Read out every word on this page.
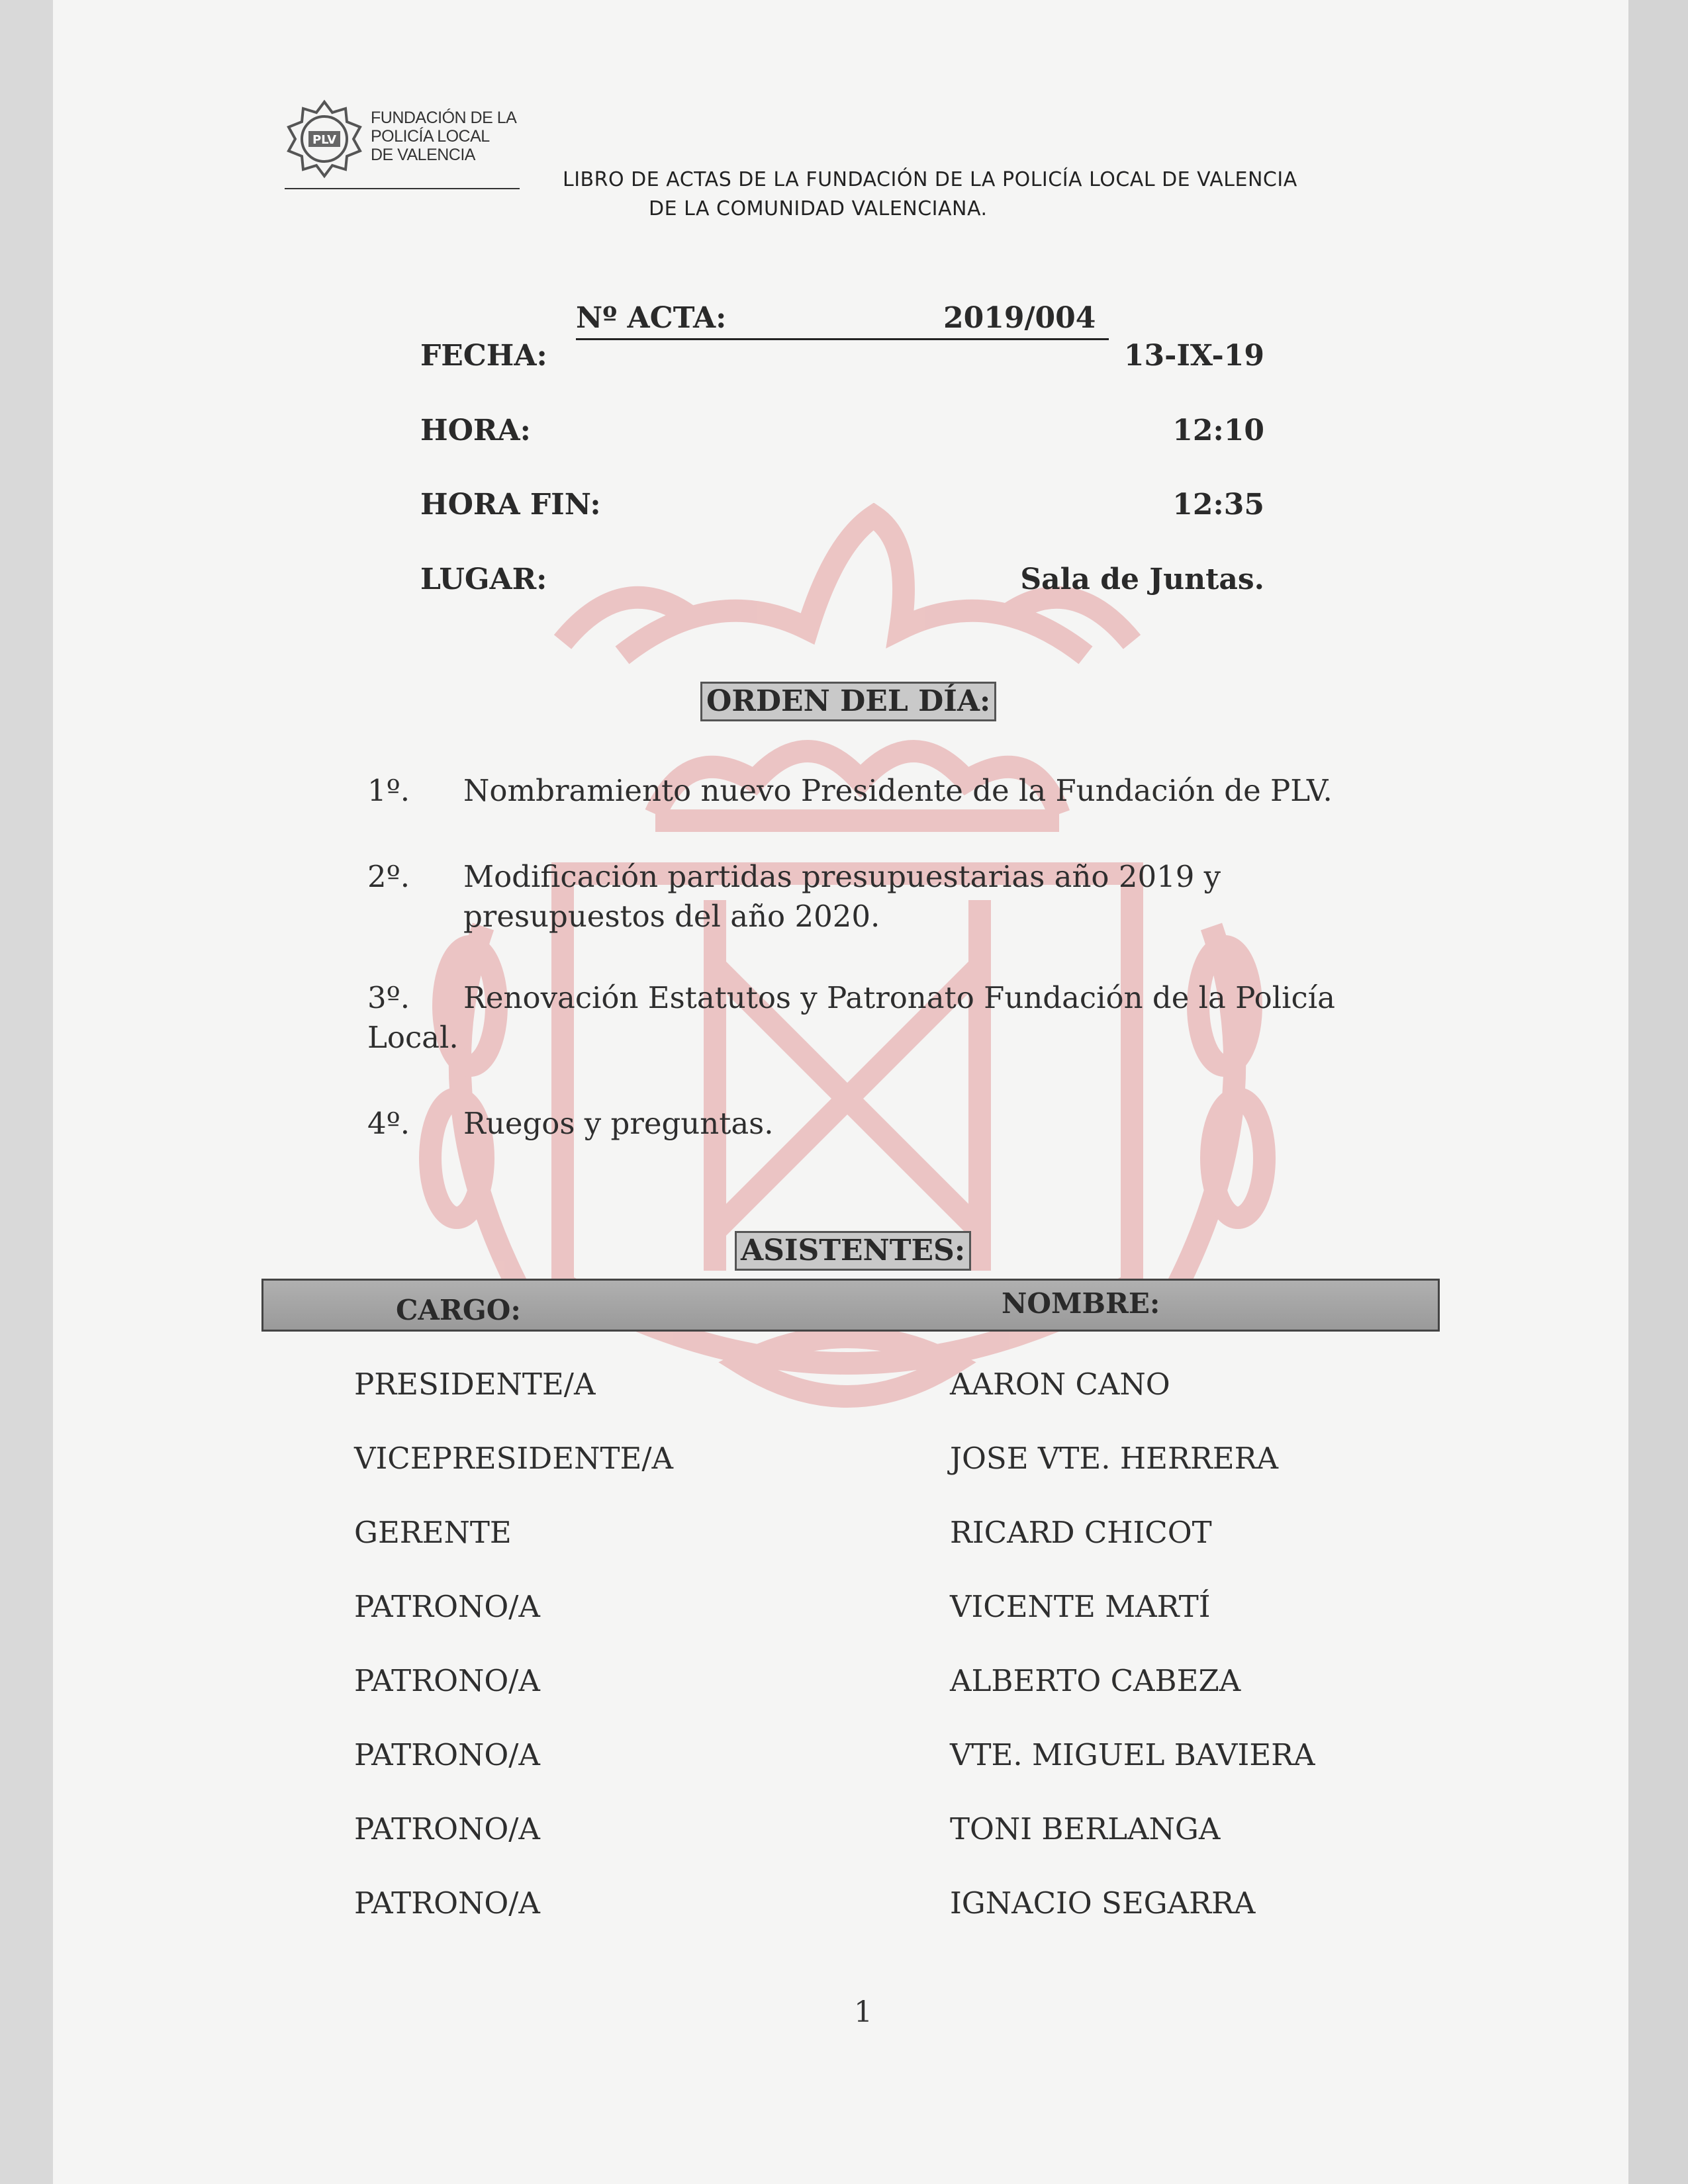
PLV
FUNDACIÓN DE LA
POLICÍA LOCAL
DE VALENCIA
LIBRO DE ACTAS DE LA FUNDACIÓN DE LA POLICÍA LOCAL DE VALENCIA
DE LA COMUNIDAD VALENCIANA.
Nº ACTA:	2019/004
FECHA:	13-IX-19
HORA:	12:10
HORA FIN:	12:35
LUGAR:	Sala de Juntas.
ORDEN DEL DÍA:
1º. Nombramiento nuevo Presidente de la Fundación de PLV.
2º. Modificación partidas presupuestarias año 2019 y
presupuestos del año 2020.
3º. Renovación Estatutos y Patronato Fundación de la Policía
Local.
4º. Ruegos y preguntas.
ASISTENTES:
CARGO:	NOMBRE:
PRESIDENTE/A	AARON CANO
VICEPRESIDENTE/A	JOSE VTE. HERRERA
GERENTE	RICARD CHICOT
PATRONO/A	VICENTE MARTÍ
PATRONO/A	ALBERTO CABEZA
PATRONO/A	VTE. MIGUEL BAVIERA
PATRONO/A	TONI BERLANGA
PATRONO/A	IGNACIO SEGARRA
1
